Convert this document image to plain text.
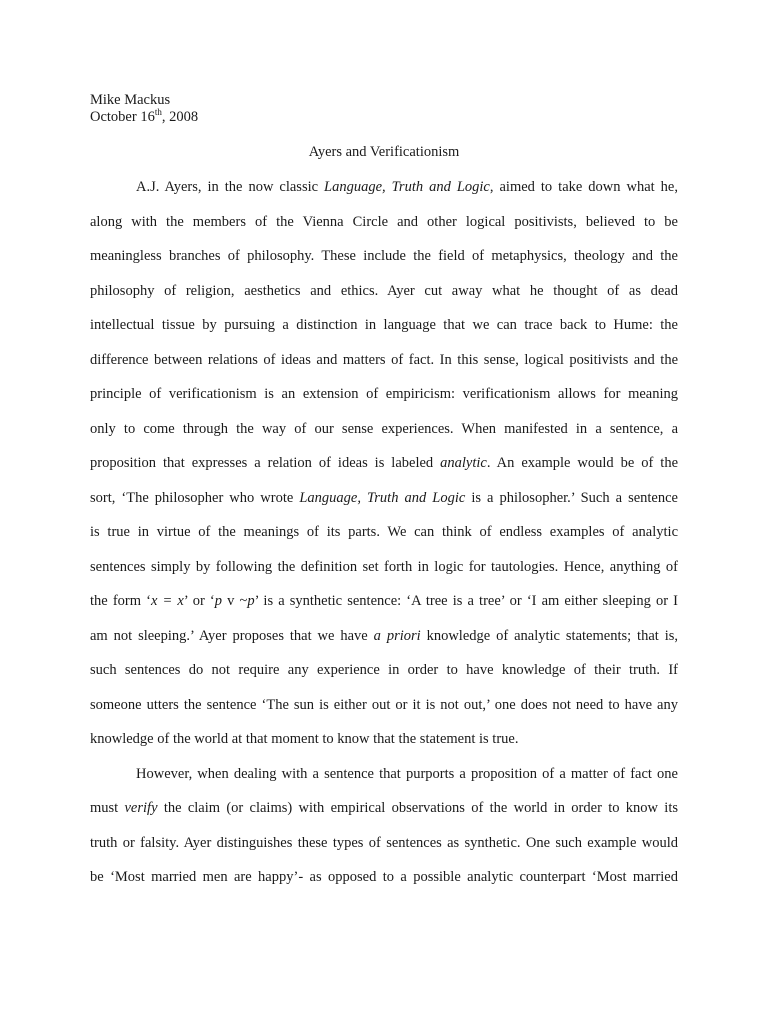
Mike Mackus
October 16th, 2008
Ayers and Verificationism
A.J. Ayers, in the now classic Language, Truth and Logic, aimed to take down what he,
along with the members of the Vienna Circle and other logical positivists, believed to be
meaningless branches of philosophy. These include the field of metaphysics, theology and the
philosophy of religion, aesthetics and ethics. Ayer cut away what he thought of as dead
intellectual tissue by pursuing a distinction in language that we can trace back to Hume: the
difference between relations of ideas and matters of fact. In this sense, logical positivists and the
principle of verificationism is an extension of empiricism: verificationism allows for meaning
only to come through the way of our sense experiences. When manifested in a sentence, a
proposition that expresses a relation of ideas is labeled analytic. An example would be of the
sort, ‘The philosopher who wrote Language, Truth and Logic is a philosopher.’ Such a sentence
is true in virtue of the meanings of its parts. We can think of endless examples of analytic
sentences simply by following the definition set forth in logic for tautologies. Hence, anything of
the form ‘x = x’ or ‘p v ~p’ is a synthetic sentence: ‘A tree is a tree’ or ‘I am either sleeping or I
am not sleeping.’ Ayer proposes that we have a priori knowledge of analytic statements; that is,
such sentences do not require any experience in order to have knowledge of their truth. If
someone utters the sentence ‘The sun is either out or it is not out,’ one does not need to have any
knowledge of the world at that moment to know that the statement is true.
However, when dealing with a sentence that purports a proposition of a matter of fact one
must verify the claim (or claims) with empirical observations of the world in order to know its
truth or falsity. Ayer distinguishes these types of sentences as synthetic. One such example would
be ‘Most married men are happy’- as opposed to a possible analytic counterpart ‘Most married
